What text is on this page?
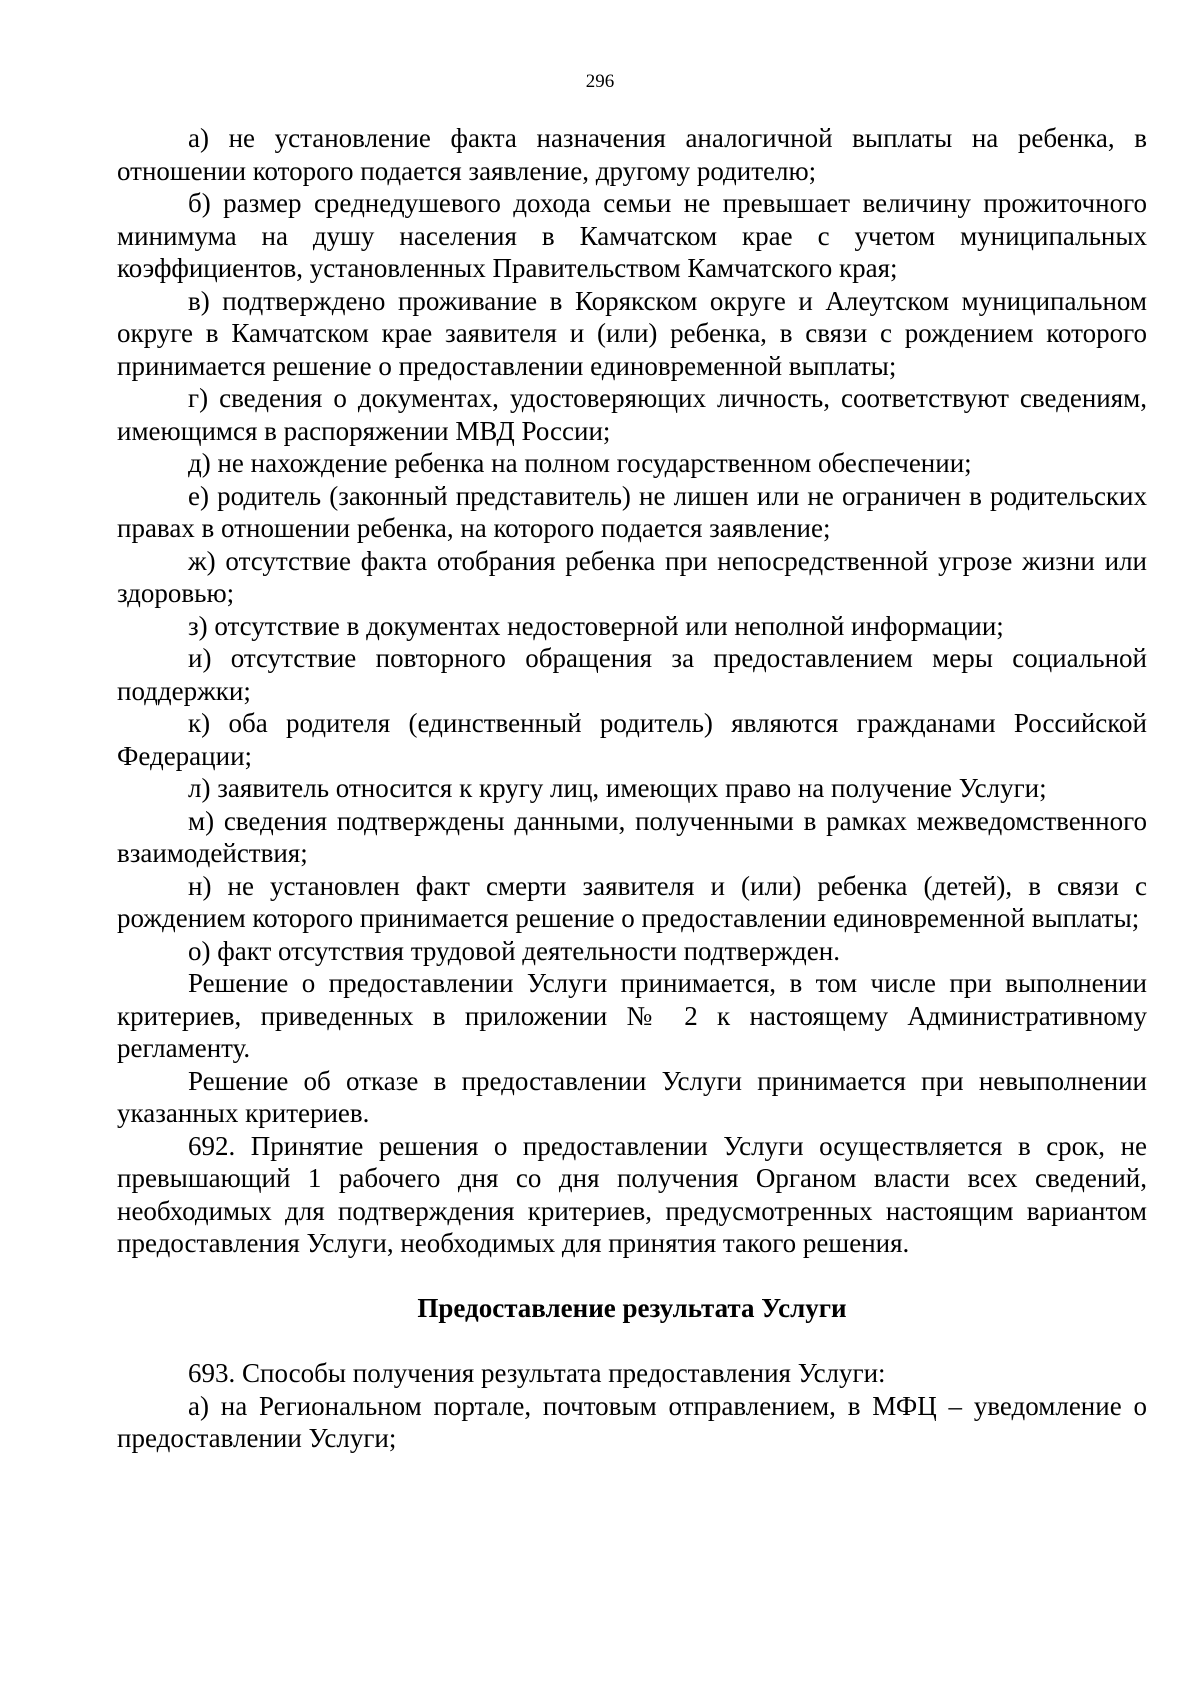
296

а) не установление факта назначения аналогичной выплаты на ребенка, в отношении которого подается заявление, другому родителю;

б) размер среднедушевого дохода семьи не превышает величину прожиточного минимума на душу населения в Камчатском крае с учетом муниципальных коэффициентов, установленных Правительством Камчатского края;

в) подтверждено проживание в Корякском округе и Алеутском муниципальном округе в Камчатском крае заявителя и (или) ребенка, в связи с рождением которого принимается решение о предоставлении единовременной выплаты;

г) сведения о документах, удостоверяющих личность, соответствуют сведениям, имеющимся в распоряжении МВД России;

д) не нахождение ребенка на полном государственном обеспечении;

е) родитель (законный представитель) не лишен или не ограничен в родительских правах в отношении ребенка, на которого подается заявление;

ж) отсутствие факта отобрания ребенка при непосредственной угрозе жизни или здоровью;

з) отсутствие в документах недостоверной или неполной информации;

и) отсутствие повторного обращения за предоставлением меры социальной поддержки;

к) оба родителя (единственный родитель) являются гражданами Российской Федерации;

л) заявитель относится к кругу лиц, имеющих право на получение Услуги;

м) сведения подтверждены данными, полученными в рамках межведомственного взаимодействия;

н) не установлен факт смерти заявителя и (или) ребенка (детей), в связи с рождением которого принимается решение о предоставлении единовременной выплаты;

о) факт отсутствия трудовой деятельности подтвержден.

Решение о предоставлении Услуги принимается, в том числе при выполнении критериев, приведенных в приложении № 2 к настоящему Административному регламенту.

Решение об отказе в предоставлении Услуги принимается при невыполнении указанных критериев.

692. Принятие решения о предоставлении Услуги осуществляется в срок, не превышающий 1 рабочего дня со дня получения Органом власти всех сведений, необходимых для подтверждения критериев, предусмотренных настоящим вариантом предоставления Услуги, необходимых для принятия такого решения.

Предоставление результата Услуги

693. Способы получения результата предоставления Услуги:

а) на Региональном портале, почтовым отправлением, в МФЦ – уведомление о предоставлении Услуги;
